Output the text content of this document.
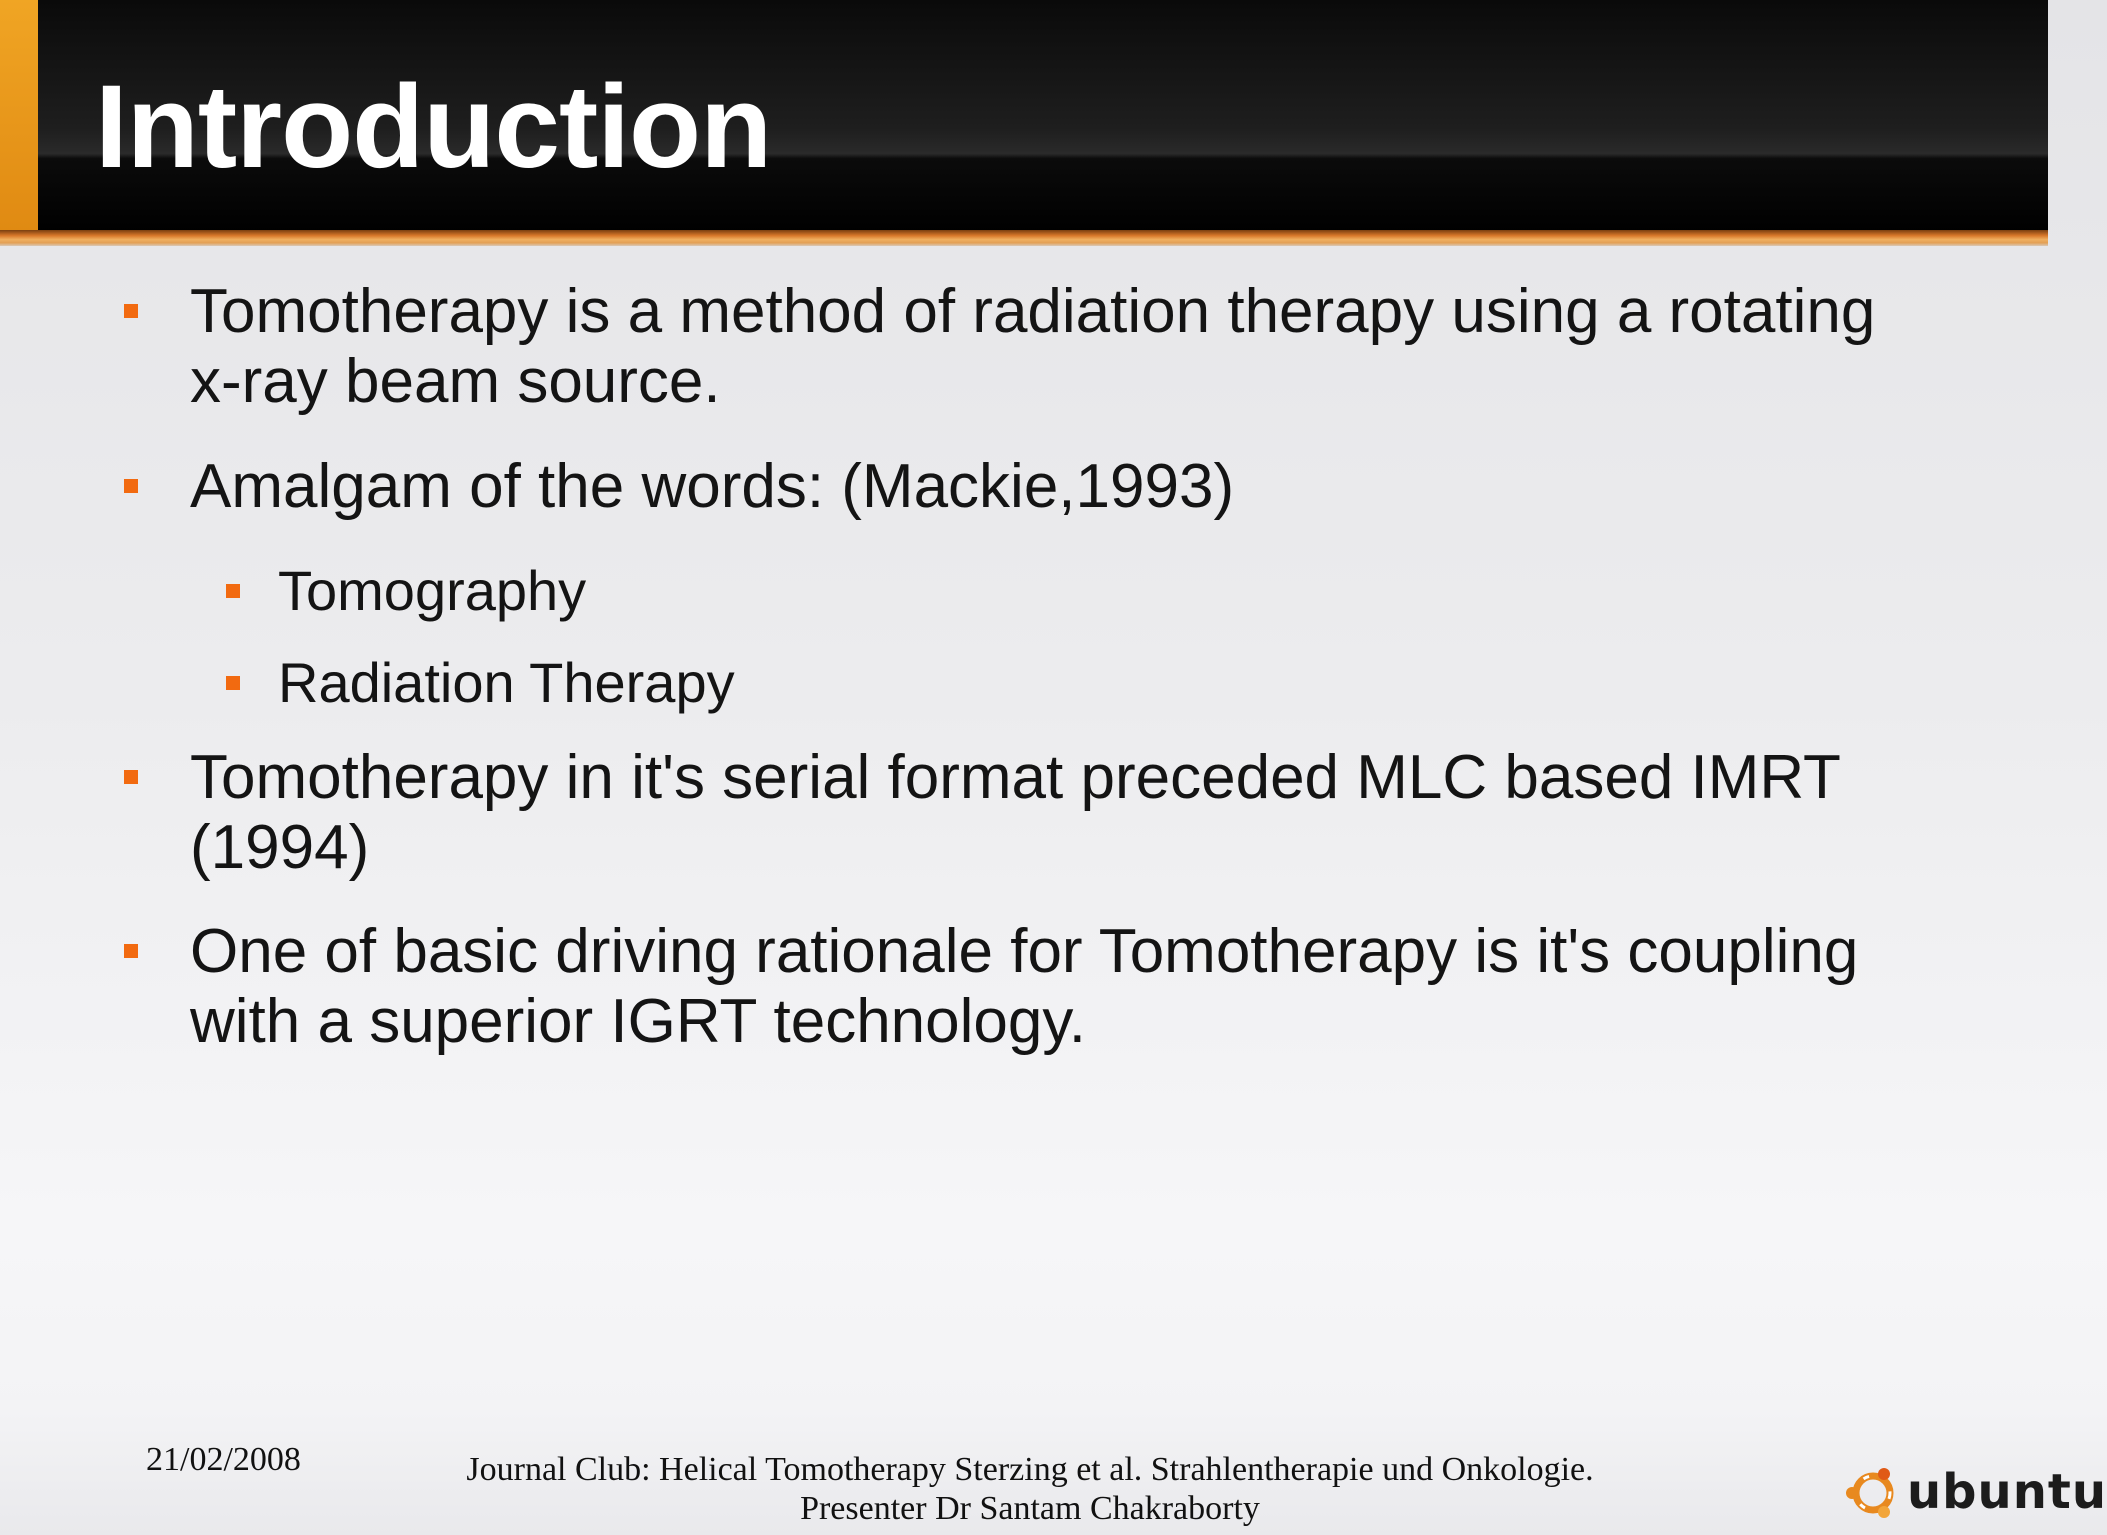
Introduction
Tomotherapy is a method of radiation therapy using a rotating x-ray beam source.
Amalgam of the words: (Mackie,1993)
Tomography
Radiation Therapy
Tomotherapy in it's serial format preceded MLC based IMRT (1994)
One of basic driving rationale for Tomotherapy is it's coupling with a superior IGRT technology.
21/02/2008	Journal Club: Helical Tomotherapy Sterzing et al. Strahlentherapie und Onkologie.
Presenter Dr Santam Chakraborty	ubuntu
